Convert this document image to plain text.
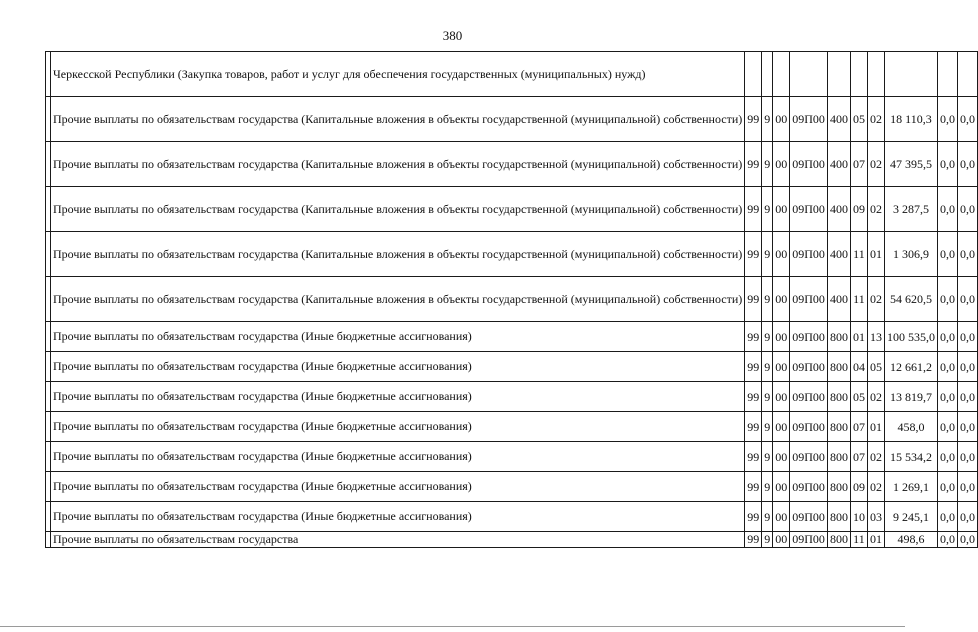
380
	Черкесской Республики (Закупка товаров, работ и услуг для обеспечения государственных (муниципальных) нужд)										
	Прочие выплаты по обязательствам государства (Капитальные вложения в объекты государственной (муниципальной) собственности)	99	9	00	09П00	400	05	02	18 110,3	0,0	0,0
	Прочие выплаты по обязательствам государства (Капитальные вложения в объекты государственной (муниципальной) собственности)	99	9	00	09П00	400	07	02	47 395,5	0,0	0,0
	Прочие выплаты по обязательствам государства (Капитальные вложения в объекты государственной (муниципальной) собственности)	99	9	00	09П00	400	09	02	3 287,5	0,0	0,0
	Прочие выплаты по обязательствам государства (Капитальные вложения в объекты государственной (муниципальной) собственности)	99	9	00	09П00	400	11	01	1 306,9	0,0	0,0
	Прочие выплаты по обязательствам государства (Капитальные вложения в объекты государственной (муниципальной) собственности)	99	9	00	09П00	400	11	02	54 620,5	0,0	0,0
	Прочие выплаты по обязательствам государства (Иные бюджетные ассигнования)	99	9	00	09П00	800	01	13	100 535,0	0,0	0,0
	Прочие выплаты по обязательствам государства (Иные бюджетные ассигнования)	99	9	00	09П00	800	04	05	12 661,2	0,0	0,0
	Прочие выплаты по обязательствам государства (Иные бюджетные ассигнования)	99	9	00	09П00	800	05	02	13 819,7	0,0	0,0
	Прочие выплаты по обязательствам государства (Иные бюджетные ассигнования)	99	9	00	09П00	800	07	01	458,0	0,0	0,0
	Прочие выплаты по обязательствам государства (Иные бюджетные ассигнования)	99	9	00	09П00	800	07	02	15 534,2	0,0	0,0
	Прочие выплаты по обязательствам государства (Иные бюджетные ассигнования)	99	9	00	09П00	800	09	02	1 269,1	0,0	0,0
	Прочие выплаты по обязательствам государства (Иные бюджетные ассигнования)	99	9	00	09П00	800	10	03	9 245,1	0,0	0,0
	Прочие выплаты по обязательствам государства	99	9	00	09П00	800	11	01	498,6	0,0	0,0
